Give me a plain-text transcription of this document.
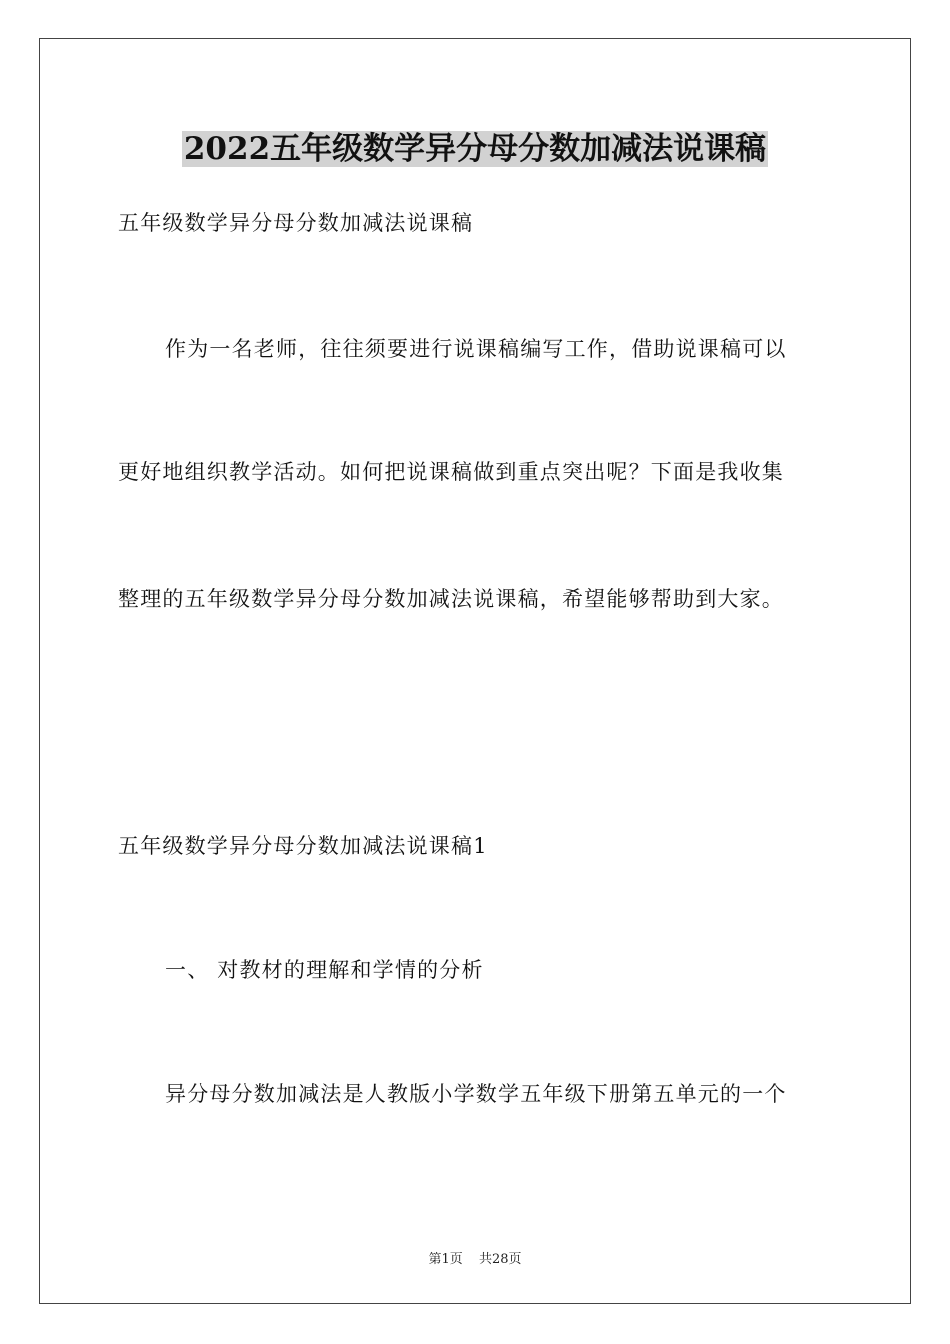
2022五年级数学异分母分数加减法说课稿
五年级数学异分母分数加减法说课稿
作为一名老师，往往须要进行说课稿编写工作，借助说课稿可以
更好地组织教学活动。如何把说课稿做到重点突出呢？下面是我收集
整理的五年级数学异分母分数加减法说课稿，希望能够帮助到大家。
五年级数学异分母分数加减法说课稿1
一、 对教材的理解和学情的分析
异分母分数加减法是人教版小学数学五年级下册第五单元的一个
第1页 共28页
